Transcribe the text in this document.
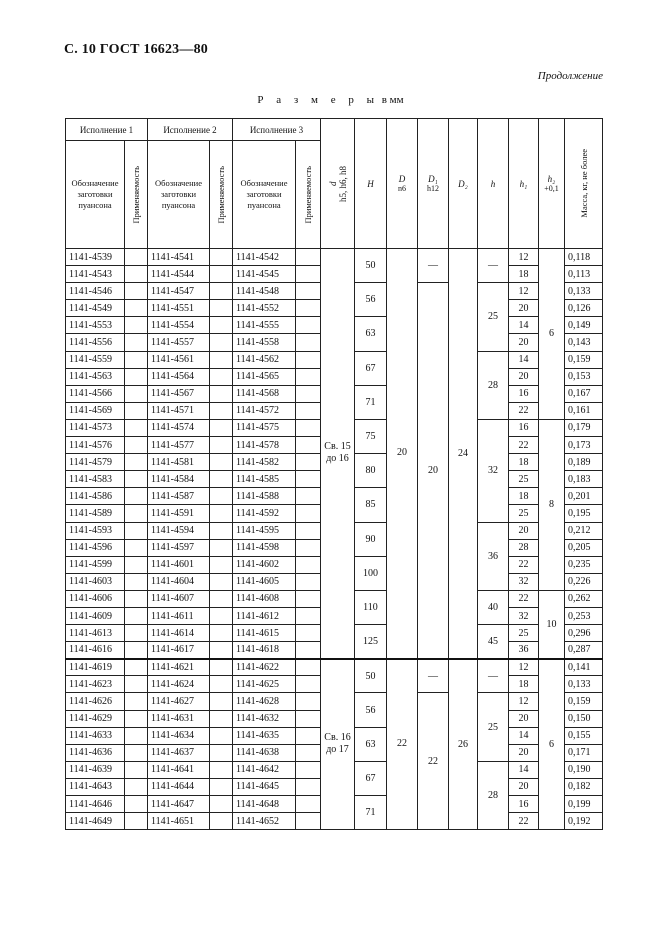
С. 10 ГОСТ 16623—80
Продолжение
Р а з м е р ы в мм
Исполнение 1		Исполнение 2		Исполнение 3		d
h5, h6, h8	H	D
n6	D₁
h12	D₂	h	h₁	h₂
+0,1	Масса, кг, не более

Обозначение заготовки пуансона	Применяемость	Обозначение заготовки пуансона	Применяемость	Обозначение заготовки пуансона	Применяемость									

1141-4539		1141-4541		1141-4542		Св. 15 до 16	50	20	—	24	—	12	6	0,118
1141-4543		1141-4544		1141-4545								18		0,113
1141-4546		1141-4547		1141-4548			56		20		25	12		0,133
1141-4549		1141-4551		1141-4552								20		0,126
1141-4553		1141-4554		1141-4555			63					14		0,149
1141-4556		1141-4557		1141-4558								20		0,143
1141-4559		1141-4561		1141-4562			67				28	14		0,159
1141-4563		1141-4564		1141-4565								20		0,153
1141-4566		1141-4567		1141-4568			71					16		0,167
1141-4569		1141-4571		1141-4572								22		0,161
1141-4573		1141-4574		1141-4575			75				32	16	8	0,179
1141-4576		1141-4577		1141-4578								22		0,173
1141-4579		1141-4581		1141-4582			80					18		0,189
1141-4583		1141-4584		1141-4585								25		0,183
1141-4586		1141-4587		1141-4588			85					18		0,201
1141-4589		1141-4591		1141-4592								25		0,195
1141-4593		1141-4594		1141-4595			90				36	20		0,212
1141-4596		1141-4597		1141-4598								28		0,205
1141-4599		1141-4601		1141-4602			100					22		0,235
1141-4603		1141-4604		1141-4605								32		0,226
1141-4606		1141-4607		1141-4608			110				40	22	10	0,262
1141-4609		1141-4611		1141-4612								32		0,253
1141-4613		1141-4614		1141-4615			125				45	25		0,296
1141-4616		1141-4617		1141-4618								36		0,287
1141-4619		1141-4621		1141-4622		Св. 16 до 17	50	22	—	26	—	12	6	0,141
1141-4623		1141-4624		1141-4625								18		0,133
1141-4626		1141-4627		1141-4628			56		22		25	12		0,159
1141-4629		1141-4631		1141-4632								20		0,150
1141-4633		1141-4634		1141-4635			63					14		0,155
1141-4636		1141-4637		1141-4638								20		0,171
1141-4639		1141-4641		1141-4642			67				28	14		0,190
1141-4643		1141-4644		1141-4645								20		0,182
1141-4646		1141-4647		1141-4648			71					16		0,199
1141-4649		1141-4651		1141-4652								22		0,192
